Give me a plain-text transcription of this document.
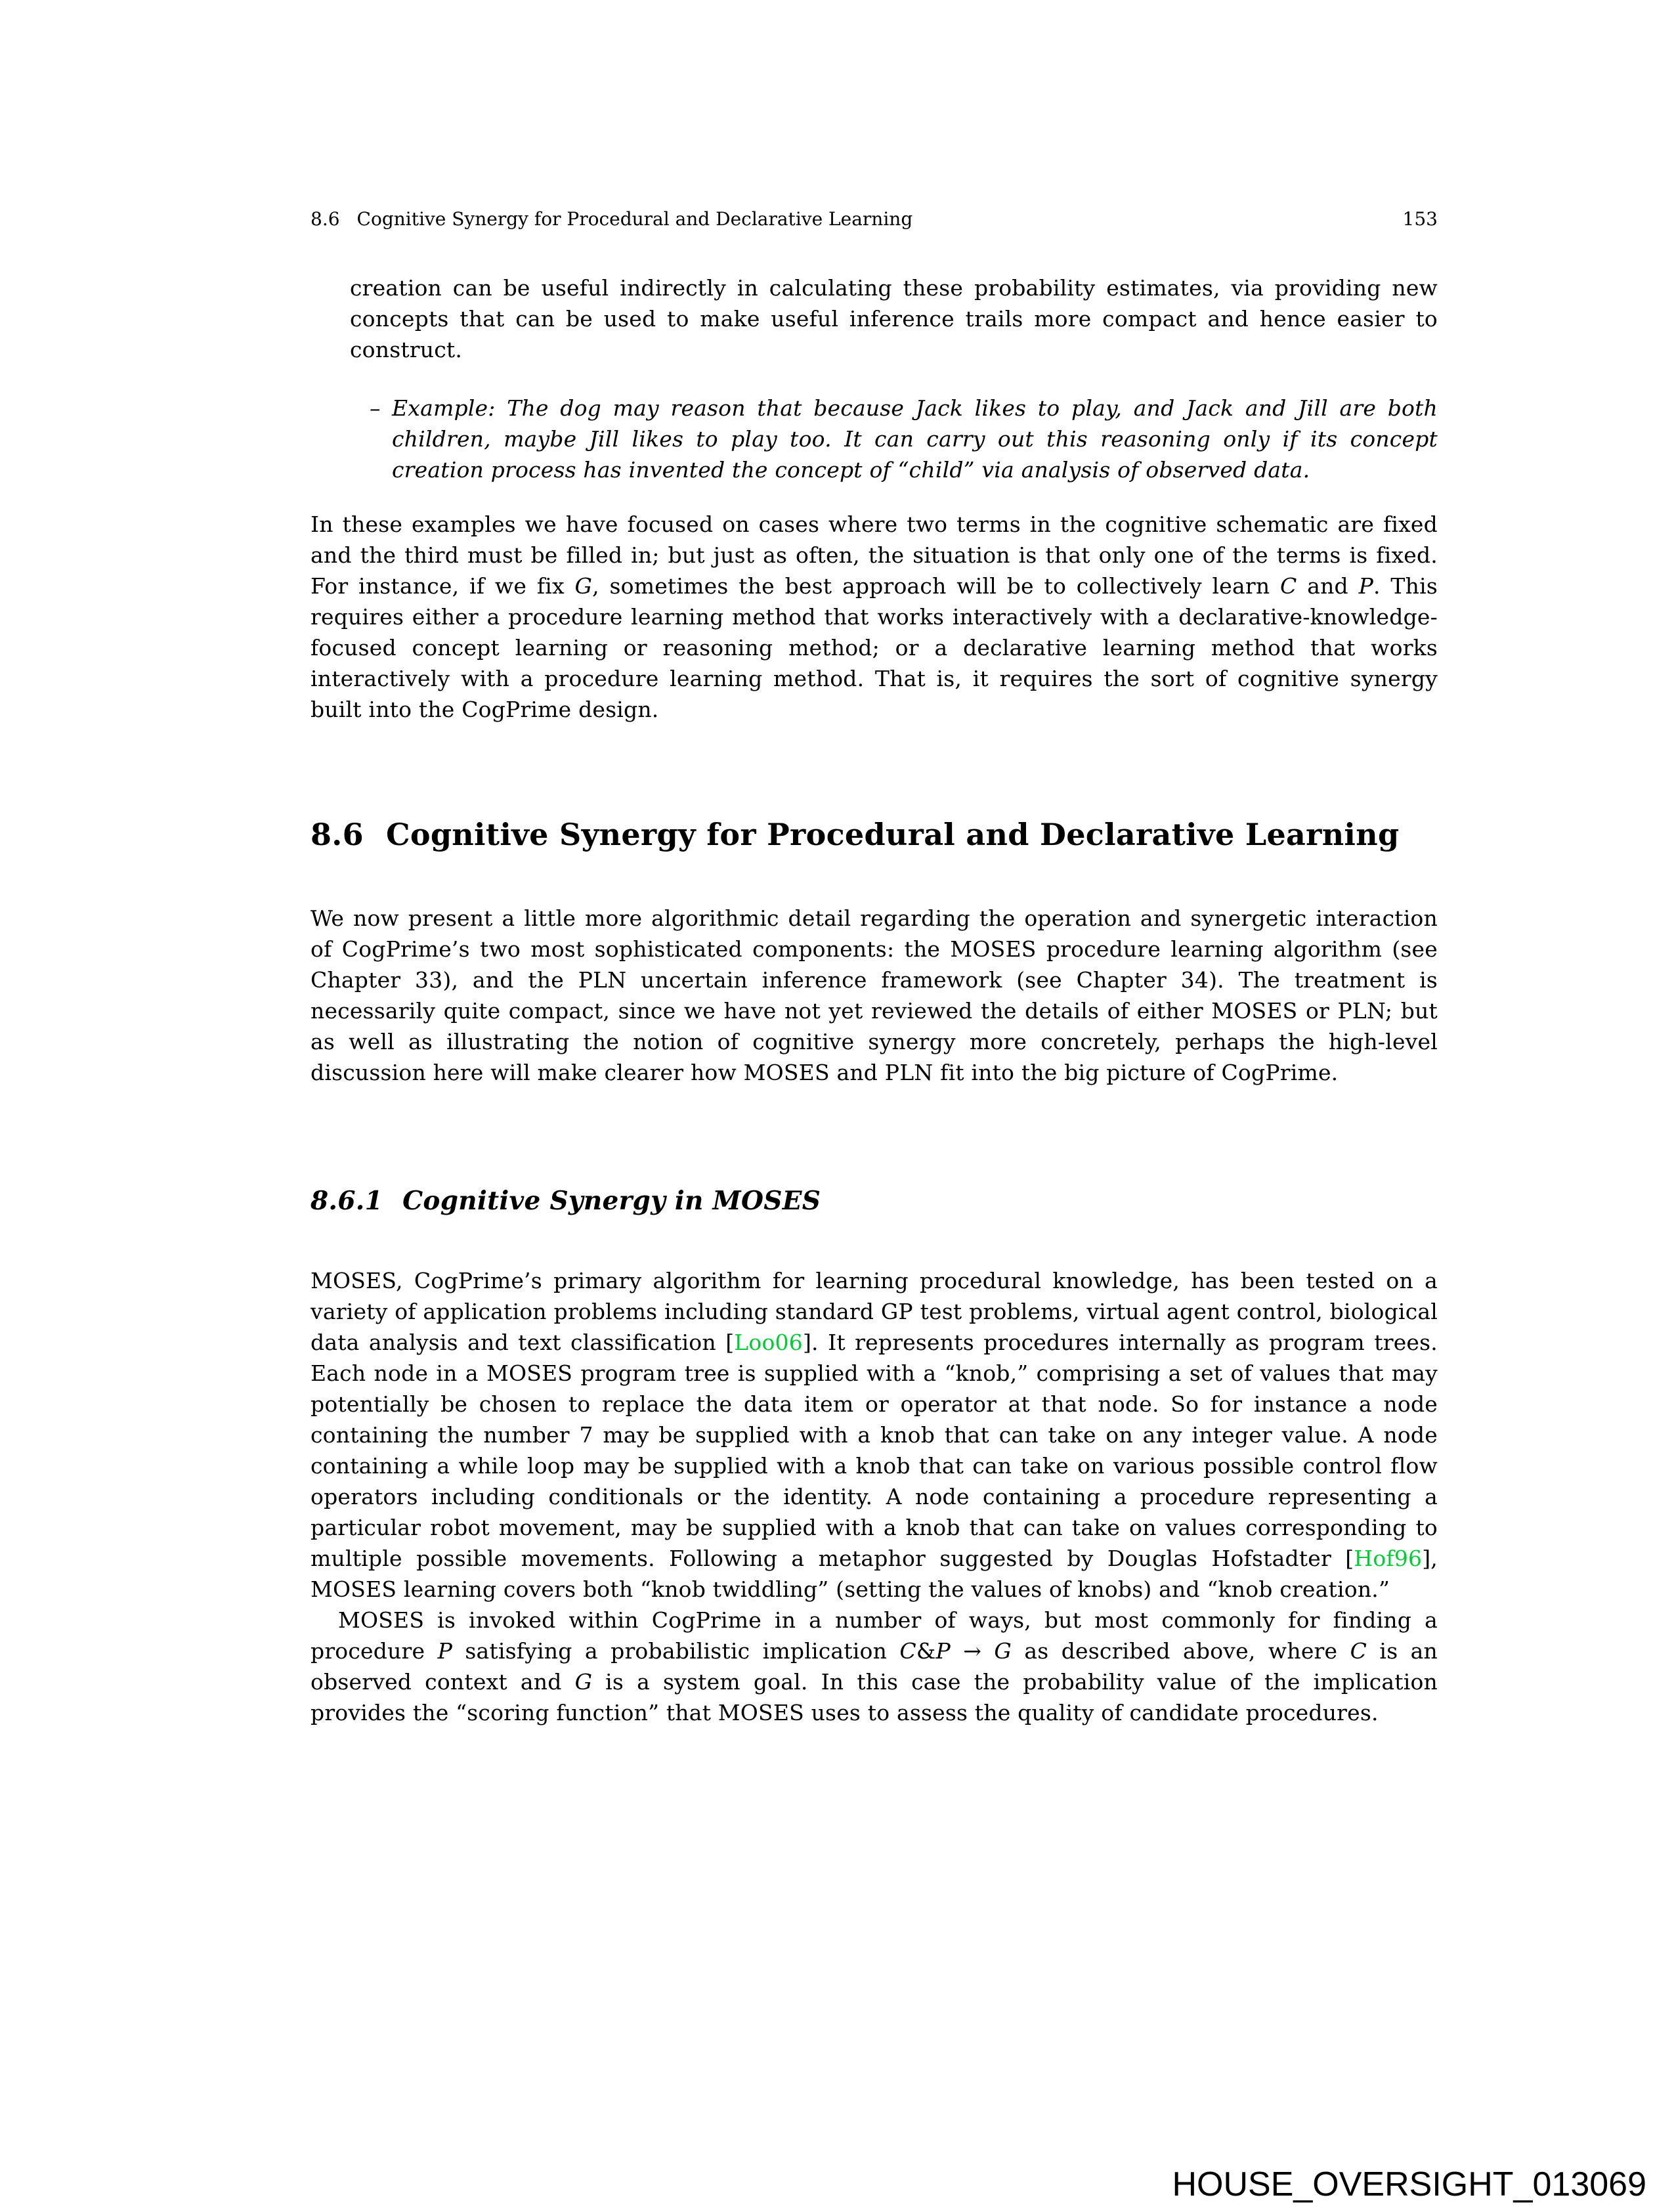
8.6 Cognitive Synergy for Procedural and Declarative Learning	153

creation can be useful indirectly in calculating these probability estimates, via providing new concepts that can be used to make useful inference trails more compact and hence easier to construct.

– Example: The dog may reason that because Jack likes to play, and Jack and Jill are both children, maybe Jill likes to play too. It can carry out this reasoning only if its concept creation process has invented the concept of “child” via analysis of observed data.

In these examples we have focused on cases where two terms in the cognitive schematic are fixed and the third must be filled in; but just as often, the situation is that only one of the terms is fixed. For instance, if we fix G, sometimes the best approach will be to collectively learn C and P. This requires either a procedure learning method that works interactively with a declarative-knowledge-focused concept learning or reasoning method; or a declarative learning method that works interactively with a procedure learning method. That is, it requires the sort of cognitive synergy built into the CogPrime design.

8.6 Cognitive Synergy for Procedural and Declarative Learning

We now present a little more algorithmic detail regarding the operation and synergetic interaction of CogPrime’s two most sophisticated components: the MOSES procedure learning algorithm (see Chapter 33), and the PLN uncertain inference framework (see Chapter 34). The treatment is necessarily quite compact, since we have not yet reviewed the details of either MOSES or PLN; but as well as illustrating the notion of cognitive synergy more concretely, perhaps the high-level discussion here will make clearer how MOSES and PLN fit into the big picture of CogPrime.

8.6.1 Cognitive Synergy in MOSES

MOSES, CogPrime’s primary algorithm for learning procedural knowledge, has been tested on a variety of application problems including standard GP test problems, virtual agent control, biological data analysis and text classification [Loo06]. It represents procedures internally as program trees. Each node in a MOSES program tree is supplied with a “knob,” comprising a set of values that may potentially be chosen to replace the data item or operator at that node. So for instance a node containing the number 7 may be supplied with a knob that can take on any integer value. A node containing a while loop may be supplied with a knob that can take on various possible control flow operators including conditionals or the identity. A node containing a procedure representing a particular robot movement, may be supplied with a knob that can take on values corresponding to multiple possible movements. Following a metaphor suggested by Douglas Hofstadter [Hof96], MOSES learning covers both “knob twiddling” (setting the values of knobs) and “knob creation.”

MOSES is invoked within CogPrime in a number of ways, but most commonly for finding a procedure P satisfying a probabilistic implication C&P → G as described above, where C is an observed context and G is a system goal. In this case the probability value of the implication provides the “scoring function” that MOSES uses to assess the quality of candidate procedures.

HOUSE_OVERSIGHT_013069
